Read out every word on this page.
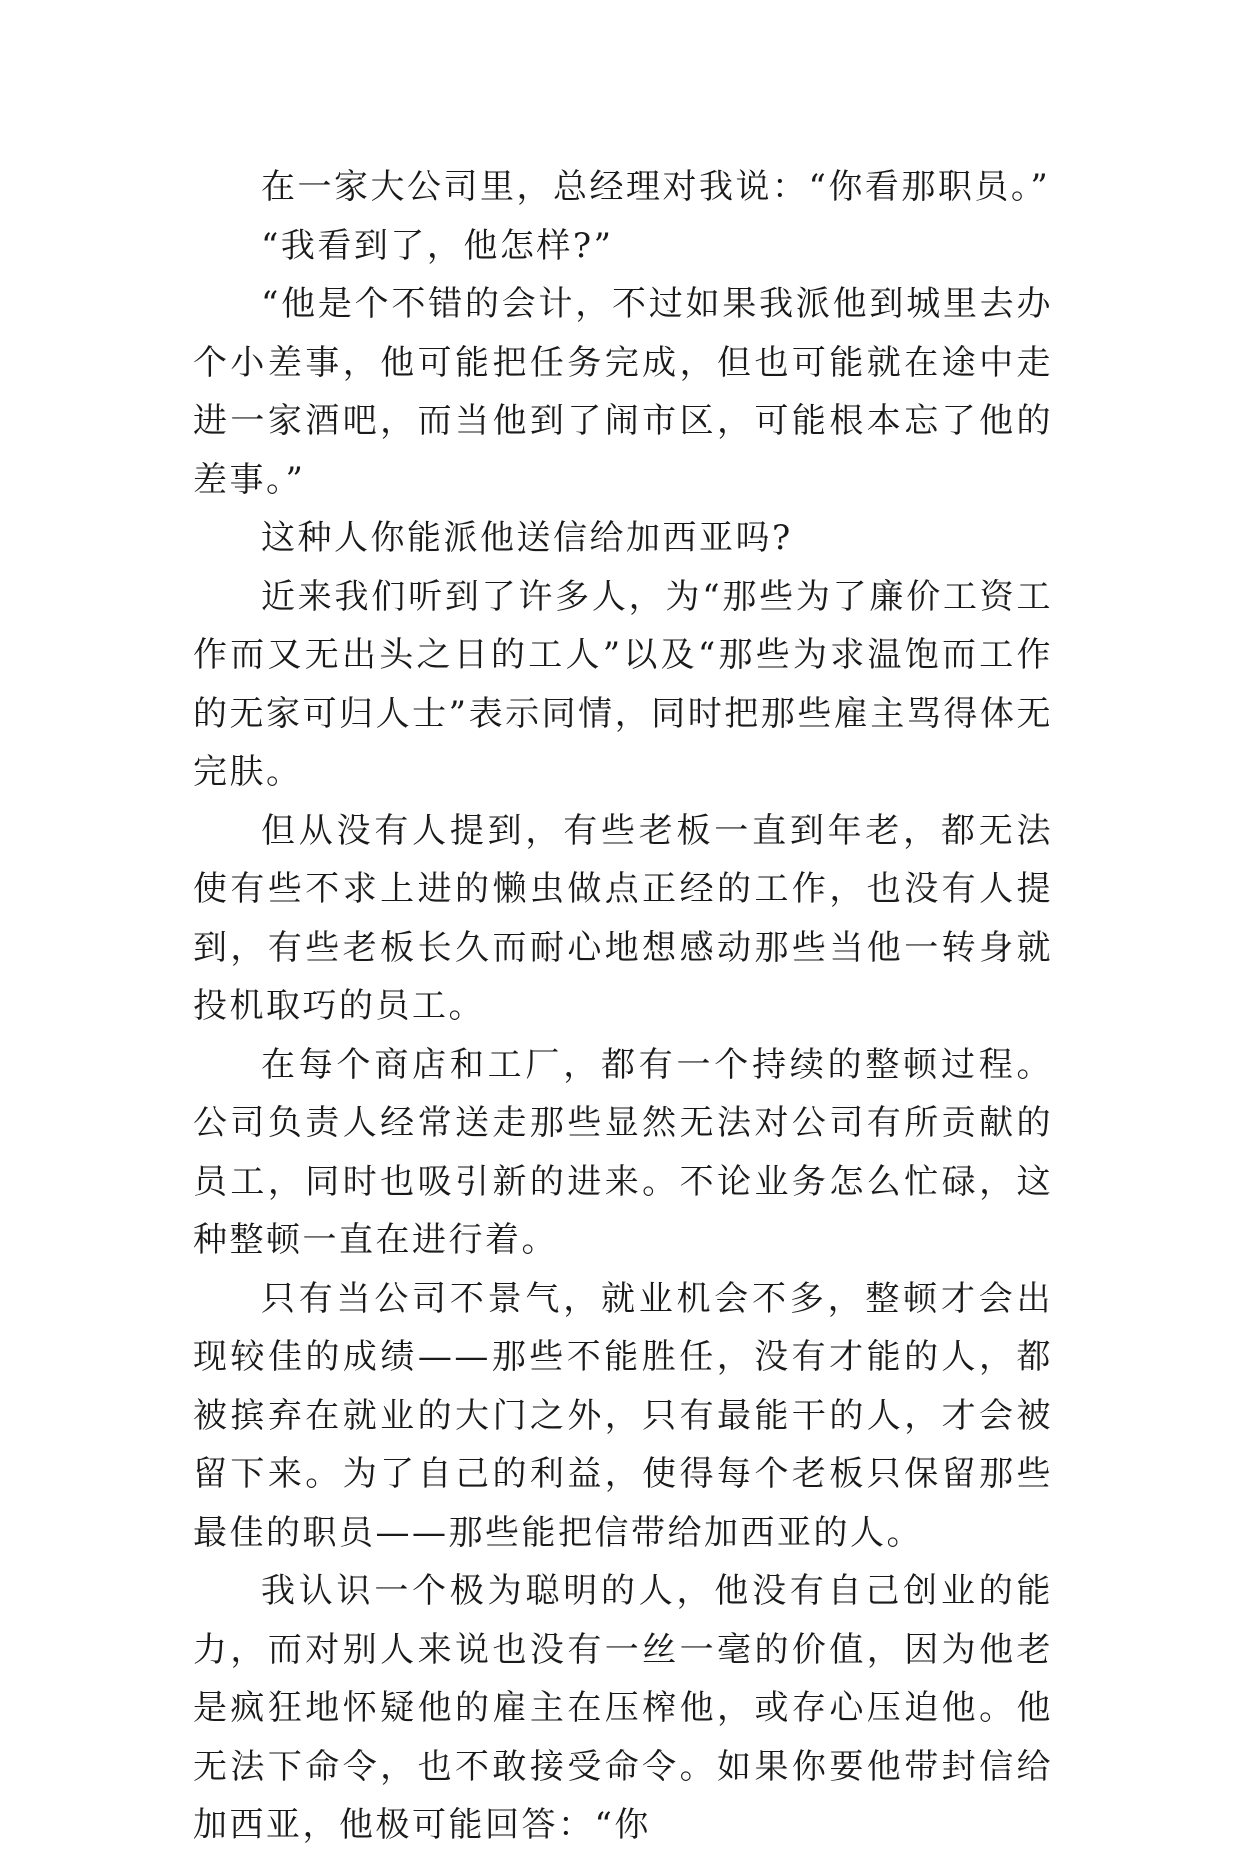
在一家大公司里，总经理对我说：“你看那职员。”

“我看到了，他怎样?”

“他是个不错的会计，不过如果我派他到城里去办个小差事，他可能把任务完成，但也可能就在途中走进一家酒吧，而当他到了闹市区，可能根本忘了他的差事。”

这种人你能派他送信给加西亚吗?

近来我们听到了许多人，为“那些为了廉价工资工作而又无出头之日的工人”以及“那些为求温饱而工作的无家可归人士”表示同情，同时把那些雇主骂得体无完肤。

但从没有人提到，有些老板一直到年老，都无法使有些不求上进的懒虫做点正经的工作，也没有人提到，有些老板长久而耐心地想感动那些当他一转身就投机取巧的员工。

在每个商店和工厂，都有一个持续的整顿过程。公司负责人经常送走那些显然无法对公司有所贡献的员工，同时也吸引新的进来。不论业务怎么忙碌，这种整顿一直在进行着。

只有当公司不景气，就业机会不多，整顿才会出现较佳的成绩——那些不能胜任，没有才能的人，都被摈弃在就业的大门之外，只有最能干的人，才会被留下来。为了自己的利益，使得每个老板只保留那些最佳的职员——那些能把信带给加西亚的人。

我认识一个极为聪明的人，他没有自己创业的能力，而对别人来说也没有一丝一毫的价值，因为他老是疯狂地怀疑他的雇主在压榨他，或存心压迫他。他无法下命令，也不敢接受命令。如果你要他带封信给加西亚，他极可能回答：“你
